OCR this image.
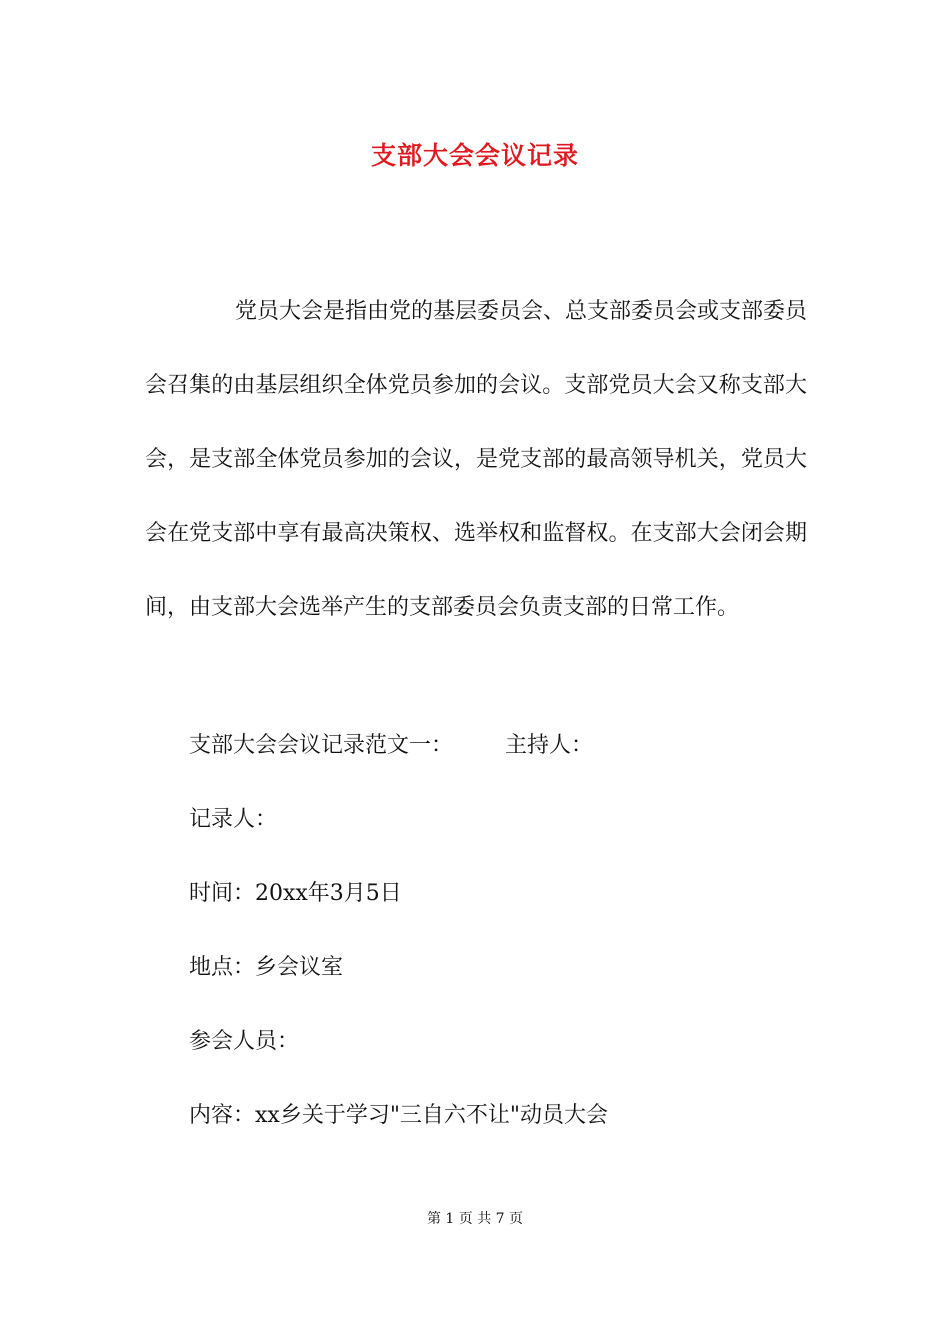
支部大会会议记录

党员大会是指由党的基层委员会、总支部委员会或支部委员会召集的由基层组织全体党员参加的会议。支部党员大会又称支部大会，是支部全体党员参加的会议，是党支部的最高领导机关，党员大会在党支部中享有最高决策权、选举权和监督权。在支部大会闭会期间，由支部大会选举产生的支部委员会负责支部的日常工作。

支部大会会议记录范文一： 主持人：
记录人：
时间：20xx年3月5日
地点：乡会议室
参会人员：
内容：xx乡关于学习"三自六不让"动员大会
第 1 页 共 7 页
